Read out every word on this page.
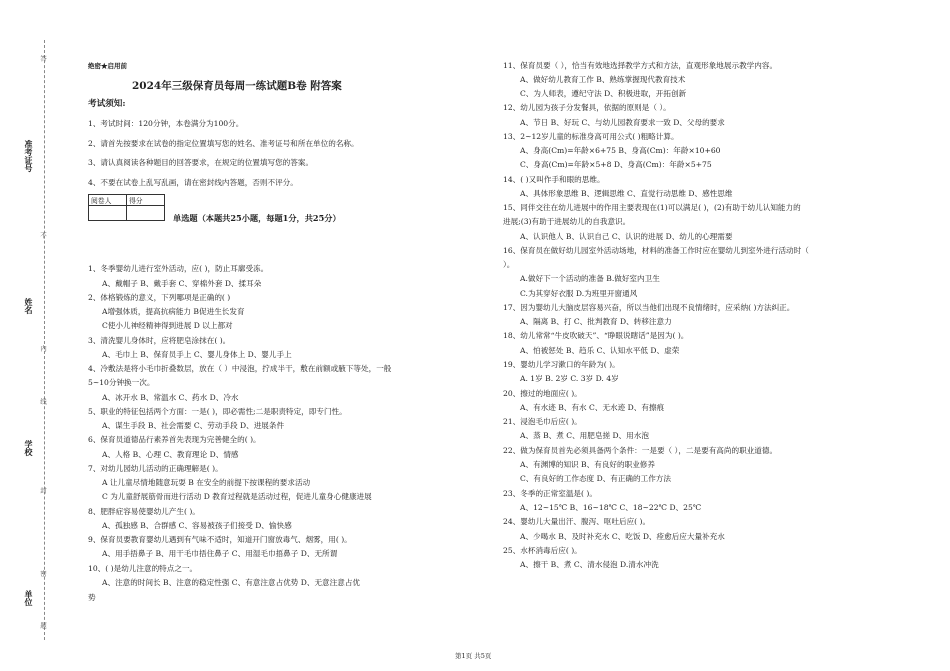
准考证号
姓名
学校
单位
题
答
不
内
线
封
密
绝密★启用前
2024年三级保育员每周一练试题B卷 附答案
考试须知:
1、考试时间：120分钟，本卷满分为100分。
2、请首先按要求在试卷的指定位置填写您的姓名、准考证号和所在单位的名称。
3、请认真阅读各种题目的回答要求，在规定的位置填写您的答案。
4、不要在试卷上乱写乱画，请在密封线内答题，否则不评分。
阅卷人	得分

单选题（本题共25小题，每题1分，共25分）
1、冬季婴幼儿进行室外活动，应( )，防止耳廓受冻。
A、戴帽子 B、戴手套 C、穿棉外套 D、揉耳朵
2、体格锻炼的意义，下列哪项是正确的( )
A增强体质，提高抗病能力 B促进生长发育
C使小儿神经精神得到进展 D 以上都对
3、清洗婴儿身体时，应将肥皂涂抹在( )。
A、毛巾上 B、保育员手上 C、婴儿身体上 D、婴儿手上
4、冷敷法是将小毛巾折叠数层，放在（ ）中浸泡，拧成半干，敷在前额或腋下等处，一般
5~10分钟换一次。
A、冰开水 B、常温水 C、药水 D、冷水
5、职业的特征包括两个方面：一是( )，即必需性;二是职责特定，即专门性。
A、谋生手段 B、社会需要 C、劳动手段 D、进展条件
6、保育员道德品行素养首先表现为完善健全的( )。
A、人格 B、心理 C、教育理论 D、情感
7、对幼儿园幼儿活动的正确理解是( )。
A 让儿童尽情地随意玩耍 B 在安全的前提下按课程的要求活动
C 为儿童舒展筋骨而进行活动 D 教育过程就是活动过程，促进儿童身心健康进展
8、肥胖症容易使婴幼儿产生( )。
A、孤独感 B、合群感 C、容易被孩子们接受 D、愉快感
9、保育员要教育婴幼儿遇到有气味不适时，知道开门窗放毒气、烟雾，用( )。
A、用手捂鼻子 B、用干毛巾捂住鼻子 C、用湿毛巾捂鼻子 D、无所谓
10、( )是幼儿注意的特点之一。
A、注意的时间长 B、注意的稳定性强 C、有意注意占优势 D、无意注意占优
势
11、保育员要（ ），恰当有效地选择教学方式和方法，直观形象地展示教学内容。
A、做好幼儿教育工作 B、熟练掌握现代教育技术
C、为人师表，遵纪守法 D、积极进取，开拓创新
12、幼儿园为孩子分发餐具，依据的原则是（ ）。
A、节日 B、好玩 C、与幼儿园教育要求一致 D、父母的要求
13、2~12岁儿童的标准身高可用公式( )粗略计算。
A、身高(Cm)=年龄×6+75 B、身高(Cm)：年龄×10+60
C、身高(Cm)=年龄×5+8 D、身高(Cm)：年龄×5+75
14、( )又叫作手和眼的思维。
A、具体形象思维 B、逻辑思维 C、直觉行动思维 D、感性思维
15、同伴交往在幼儿进展中的作用主要表现在(1)可以满足( )，(2)有助于幼儿认知能力的
进展;(3)有助于进展幼儿的自我意识。
A、认识他人 B、认识自己 C、认识的进展 D、幼儿的心理需要
16、保育员在做好幼儿园室外活动场地，材料的准备工作时应在婴幼儿到室外进行活动时（
）。
A.做好下一个活动的准备 B.做好室内卫生
C.为其穿好衣服 D.为班里开窗通风
17、因为婴幼儿大脑皮层容易兴奋，所以当他们出现不良情绪时，应采纳( )方法纠正。
A、隔离 B、打 C、批判教育 D、转移注意力
18、幼儿常常“牛皮吹破天”、“睁眼说瞎话”是因为( )。
A、怕被惩处 B、趋乐 C、认知水平低 D、虚荣
19、婴幼儿学习漱口的年龄为( )。
A. 1岁 B. 2岁 C. 3岁 D. 4岁
20、擦过的地面应( )。
A、有水迹 B、有水 C、无水迹 D、有擦痕
21、浸泡毛巾后应( )。
A、蒸 B、煮 C、用肥皂搓 D、用水泡
22、做为保育员首先必须具备两个条件：一是要（ ），二是要有高尚的职业道德。
A、有渊博的知识 B、有良好的职业修养
C、有良好的工作态度 D、有正确的工作方法
23、冬季的正常室温是( )。
A、12~15℃ B、16~18℃ C、18~22℃ D、25℃
24、婴幼儿大量出汗、腹泻、呕吐后应( )。
A、少喝水 B、及时补充水 C、吃饭 D、痊愈后应大量补充水
25、水杯消毒后应( )。
A、擦干 B、煮 C、清水侵泡 D.清水冲洗
第1页 共5页
